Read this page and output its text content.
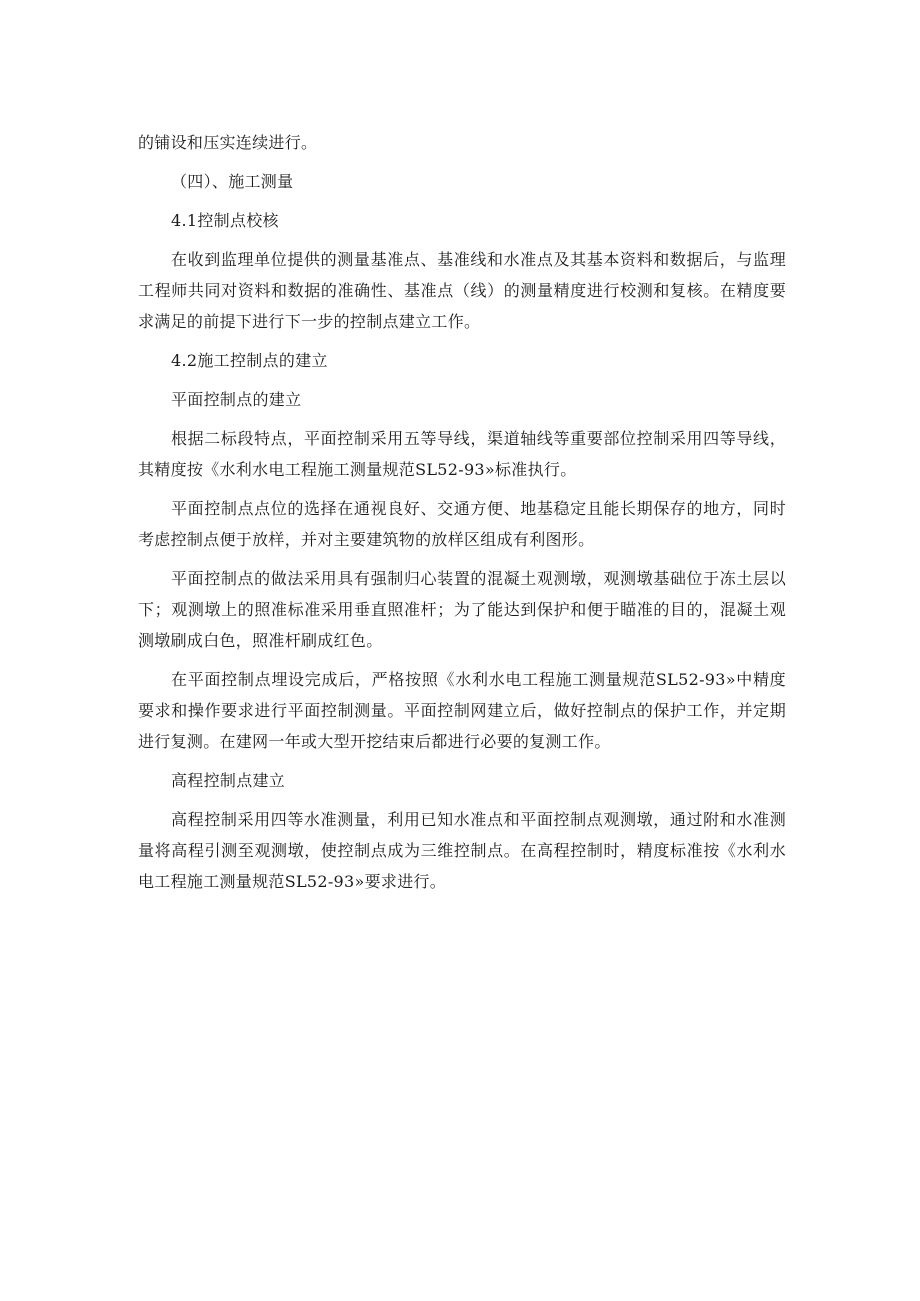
的铺设和压实连续进行。

（四）、施工测量

4.1控制点校核

在收到监理单位提供的测量基准点、基准线和水准点及其基本资料和数据后，与监理工程师共同对资料和数据的准确性、基准点（线）的测量精度进行校测和复核。在精度要求满足的前提下进行下一步的控制点建立工作。

4.2施工控制点的建立

平面控制点的建立

根据二标段特点，平面控制采用五等导线，渠道轴线等重要部位控制采用四等导线，其精度按《水利水电工程施工测量规范SL52-93»标准执行。

平面控制点点位的选择在通视良好、交通方便、地基稳定且能长期保存的地方，同时考虑控制点便于放样，并对主要建筑物的放样区组成有利图形。

平面控制点的做法采用具有强制归心装置的混凝土观测墩，观测墩基础位于冻土层以下；观测墩上的照准标准采用垂直照准杆；为了能达到保护和便于瞄准的目的，混凝土观测墩刷成白色，照准杆刷成红色。

在平面控制点埋设完成后，严格按照《水利水电工程施工测量规范SL52-93»中精度要求和操作要求进行平面控制测量。平面控制网建立后，做好控制点的保护工作，并定期进行复测。在建网一年或大型开挖结束后都进行必要的复测工作。

高程控制点建立

高程控制采用四等水准测量，利用已知水准点和平面控制点观测墩，通过附和水准测量将高程引测至观测墩，使控制点成为三维控制点。在高程控制时，精度标准按《水利水电工程施工测量规范SL52-93»要求进行。
